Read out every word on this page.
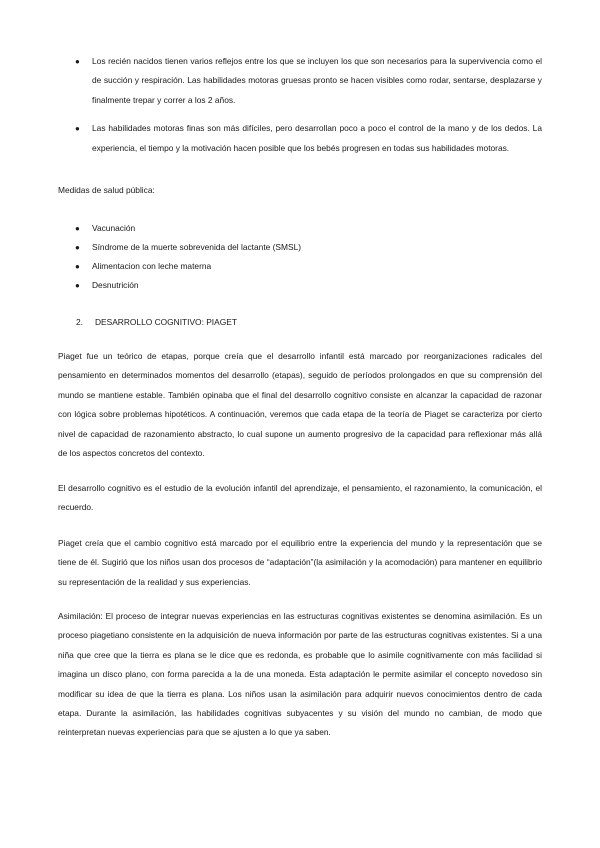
● Los recién nacidos tienen varios reflejos entre los que se incluyen los que son necesarios para la supervivencia como el de succión y respiración. Las habilidades motoras gruesas pronto se hacen visibles como rodar, sentarse, desplazarse y finalmente trepar y correr a los 2 años.
● Las habilidades motoras finas son más difíciles, pero desarrollan poco a poco el control de la mano y de los dedos. La experiencia, el tiempo y la motivación hacen posible que los bebés progresen en todas sus habilidades motoras.
Medidas de salud pública:
● Vacunación
● Síndrome de la muerte sobrevenida del lactante (SMSL)
● Alimentacion con leche materna
● Desnutrición
2. DESARROLLO COGNITIVO: PIAGET
Piaget fue un teórico de etapas, porque creía que el desarrollo infantil está marcado por reorganizaciones radicales del pensamiento en determinados momentos del desarrollo (etapas), seguido de períodos prolongados en que su comprensión del mundo se mantiene estable. También opinaba que el final del desarrollo cognitivo consiste en alcanzar la capacidad de razonar con lógica sobre problemas hipotéticos. A continuación, veremos que cada etapa de la teoría de Piaget se caracteriza por cierto nivel de capacidad de razonamiento abstracto, lo cual supone un aumento progresivo de la capacidad para reflexionar más allá de los aspectos concretos del contexto.
El desarrollo cognitivo es el estudio de la evolución infantil del aprendizaje, el pensamiento, el razonamiento, la comunicación, el recuerdo.
Piaget creía que el cambio cognitivo está marcado por el equilibrio entre la experiencia del mundo y la representación que se tiene de él. Sugirió que los niños usan dos procesos de “adaptación”(la asimilación y la acomodación) para mantener en equilibrio su representación de la realidad y sus experiencias.
Asimilación: El proceso de integrar nuevas experiencias en las estructuras cognitivas existentes se denomina asimilación. Es un proceso piagetiano consistente en la adquisición de nueva información por parte de las estructuras cognitivas existentes. Si a una niña que cree que la tierra es plana se le dice que es redonda, es probable que lo asimile cognitivamente con más facilidad si imagina un disco plano, con forma parecida a la de una moneda. Esta adaptación le permite asimilar el concepto novedoso sin modificar su idea de que la tierra es plana. Los niños usan la asimilación para adquirir nuevos conocimientos dentro de cada etapa. Durante la asimilación, las habilidades cognitivas subyacentes y su visión del mundo no cambian, de modo que reinterpretan nuevas experiencias para que se ajusten a lo que ya saben.
